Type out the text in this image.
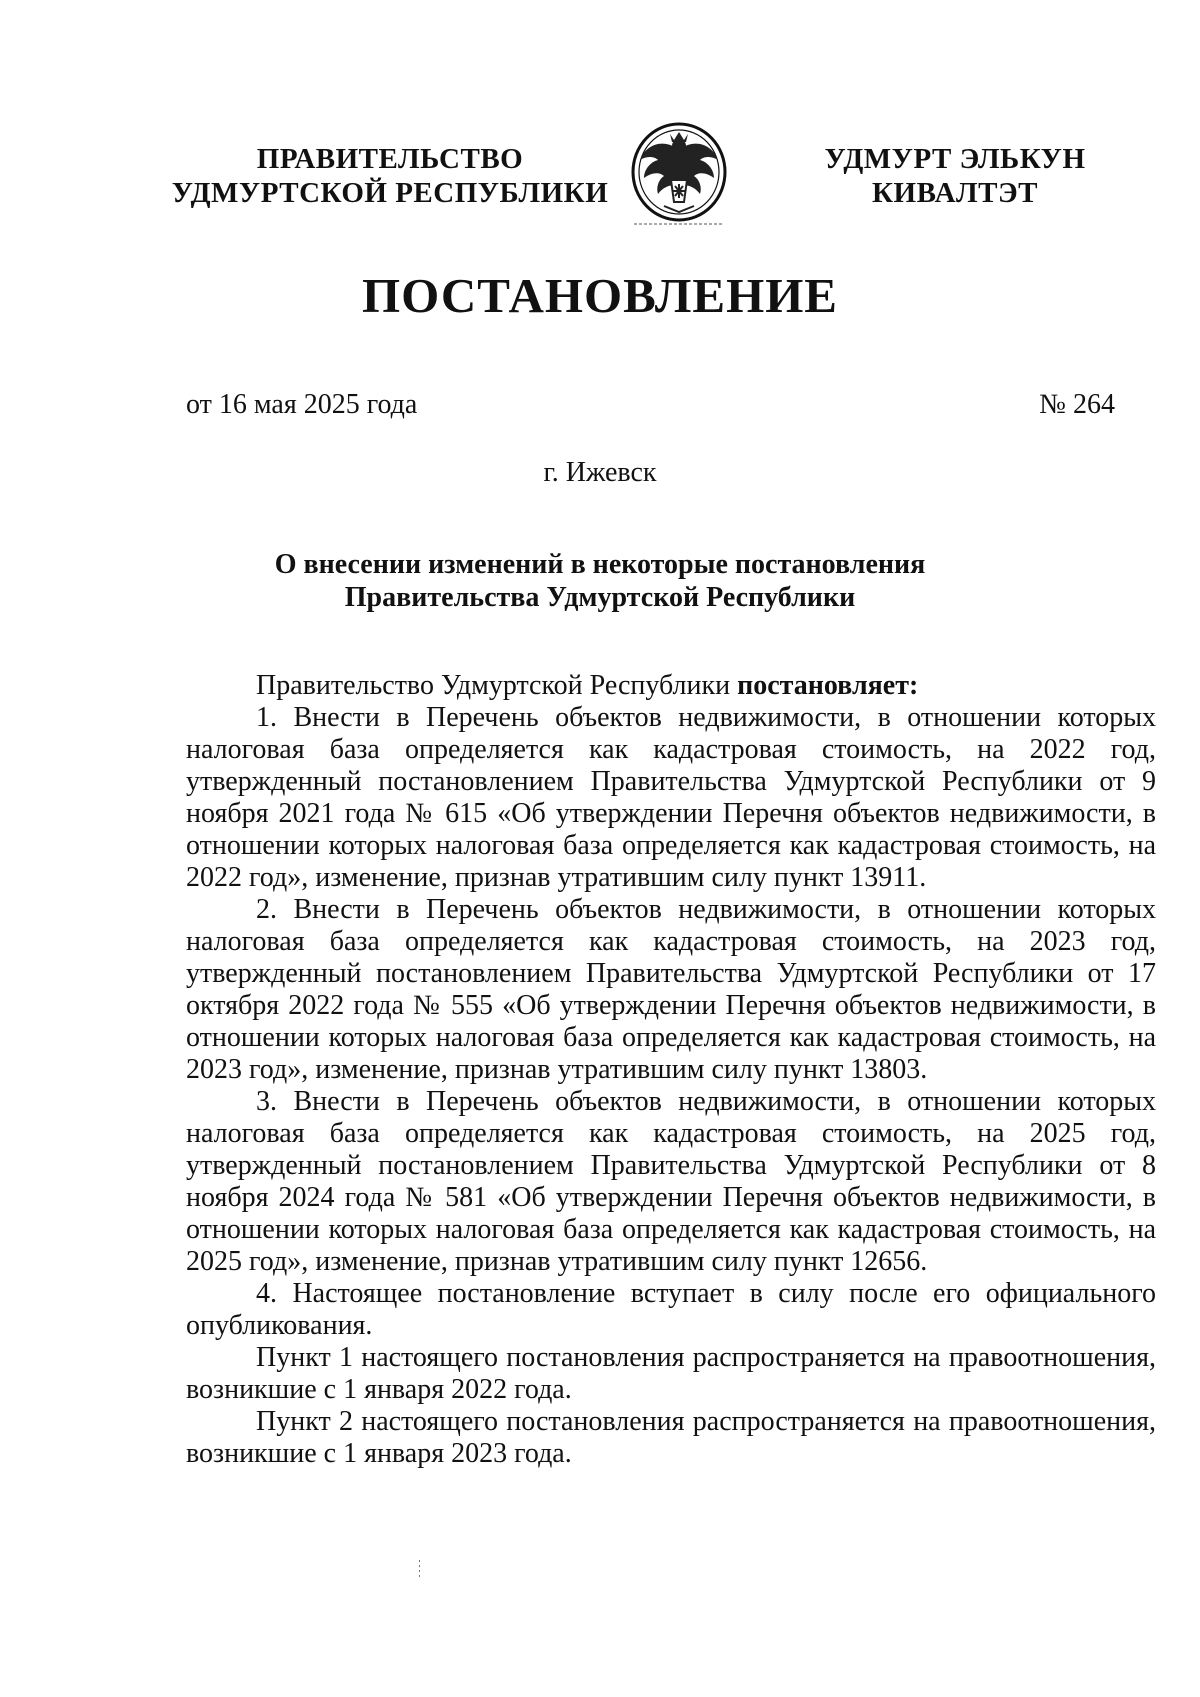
ПРАВИТЕЛЬСТВО
УДМУРТСКОЙ РЕСПУБЛИКИ
УДМУРТ ЭЛЬКУН
КИВАЛТЭТ
ПОСТАНОВЛЕНИЕ
от 16 мая 2025 года	№ 264
г. Ижевск
О внесении изменений в некоторые постановления
Правительства Удмуртской Республики

Правительство Удмуртской Республики постановляет:

1. Внести в Перечень объектов недвижимости, в отношении которых налоговая база определяется как кадастровая стоимость, на 2022 год, утвержденный постановлением Правительства Удмуртской Республики от 9 ноября 2021 года № 615 «Об утверждении Перечня объектов недвижимости, в отношении которых налоговая база определяется как кадастровая стоимость, на 2022 год», изменение, признав утратившим силу пункт 13911.

2. Внести в Перечень объектов недвижимости, в отношении которых налоговая база определяется как кадастровая стоимость, на 2023 год, утвержденный постановлением Правительства Удмуртской Республики от 17 октября 2022 года № 555 «Об утверждении Перечня объектов недвижимости, в отношении которых налоговая база определяется как кадастровая стоимость, на 2023 год», изменение, признав утратившим силу пункт 13803.

3. Внести в Перечень объектов недвижимости, в отношении которых налоговая база определяется как кадастровая стоимость, на 2025 год, утвержденный постановлением Правительства Удмуртской Республики от 8 ноября 2024 года № 581 «Об утверждении Перечня объектов недвижимости, в отношении которых налоговая база определяется как кадастровая стоимость, на 2025 год», изменение, признав утратившим силу пункт 12656.

4. Настоящее постановление вступает в силу после его официального опубликования.

Пункт 1 настоящего постановления распространяется на правоотношения, возникшие с 1 января 2022 года.

Пункт 2 настоящего постановления распространяется на правоотношения, возникшие с 1 января 2023 года.
